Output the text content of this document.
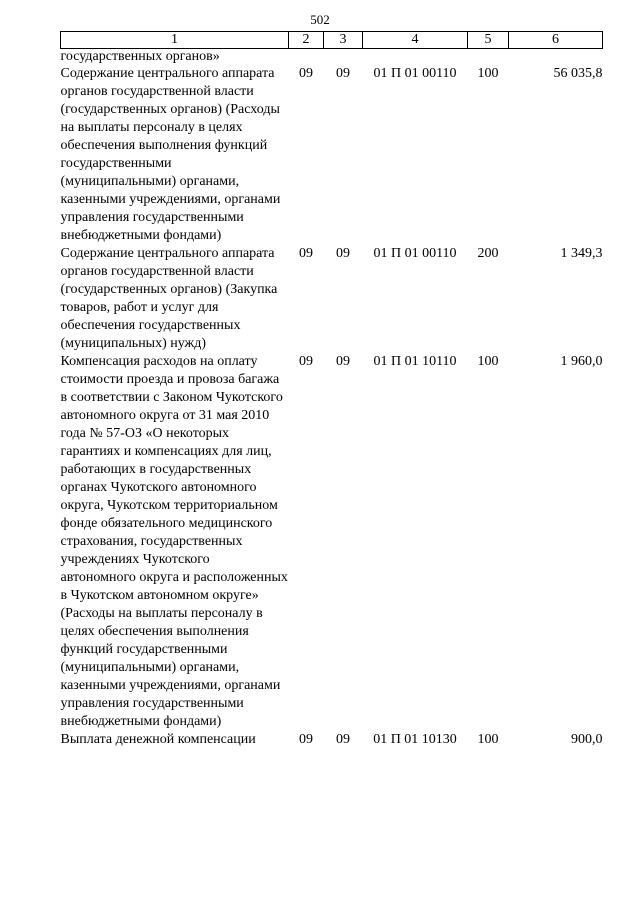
502
1	2	3	4	5	6
государственных органов»					
Содержание центрального аппарата органов государственной власти (государственных органов) (Расходы на выплаты персоналу в целях обеспечения выполнения функций государственными (муниципальными) органами, казенными учреждениями, органами управления государственными внебюджетными фондами)	09	09	01 П 01 00110	100	56 035,8
Содержание центрального аппарата органов государственной власти (государственных органов) (Закупка товаров, работ и услуг для обеспечения государственных (муниципальных) нужд)	09	09	01 П 01 00110	200	1 349,3
Компенсация расходов на оплату стоимости проезда и провоза багажа в соответствии с Законом Чукотского автономного округа от 31 мая 2010 года № 57-ОЗ «О некоторых гарантиях и компенсациях для лиц, работающих в государственных органах Чукотского автономного округа, Чукотском территориальном фонде обязательного медицинского страхования, государственных учреждениях Чукотского автономного округа и расположенных в Чукотском автономном округе» (Расходы на выплаты персоналу в целях обеспечения выполнения функций государственными (муниципальными) органами, казенными учреждениями, органами управления государственными внебюджетными фондами)	09	09	01 П 01 10110	100	1 960,0
Выплата денежной компенсации	09	09	01 П 01 10130	100	900,0
